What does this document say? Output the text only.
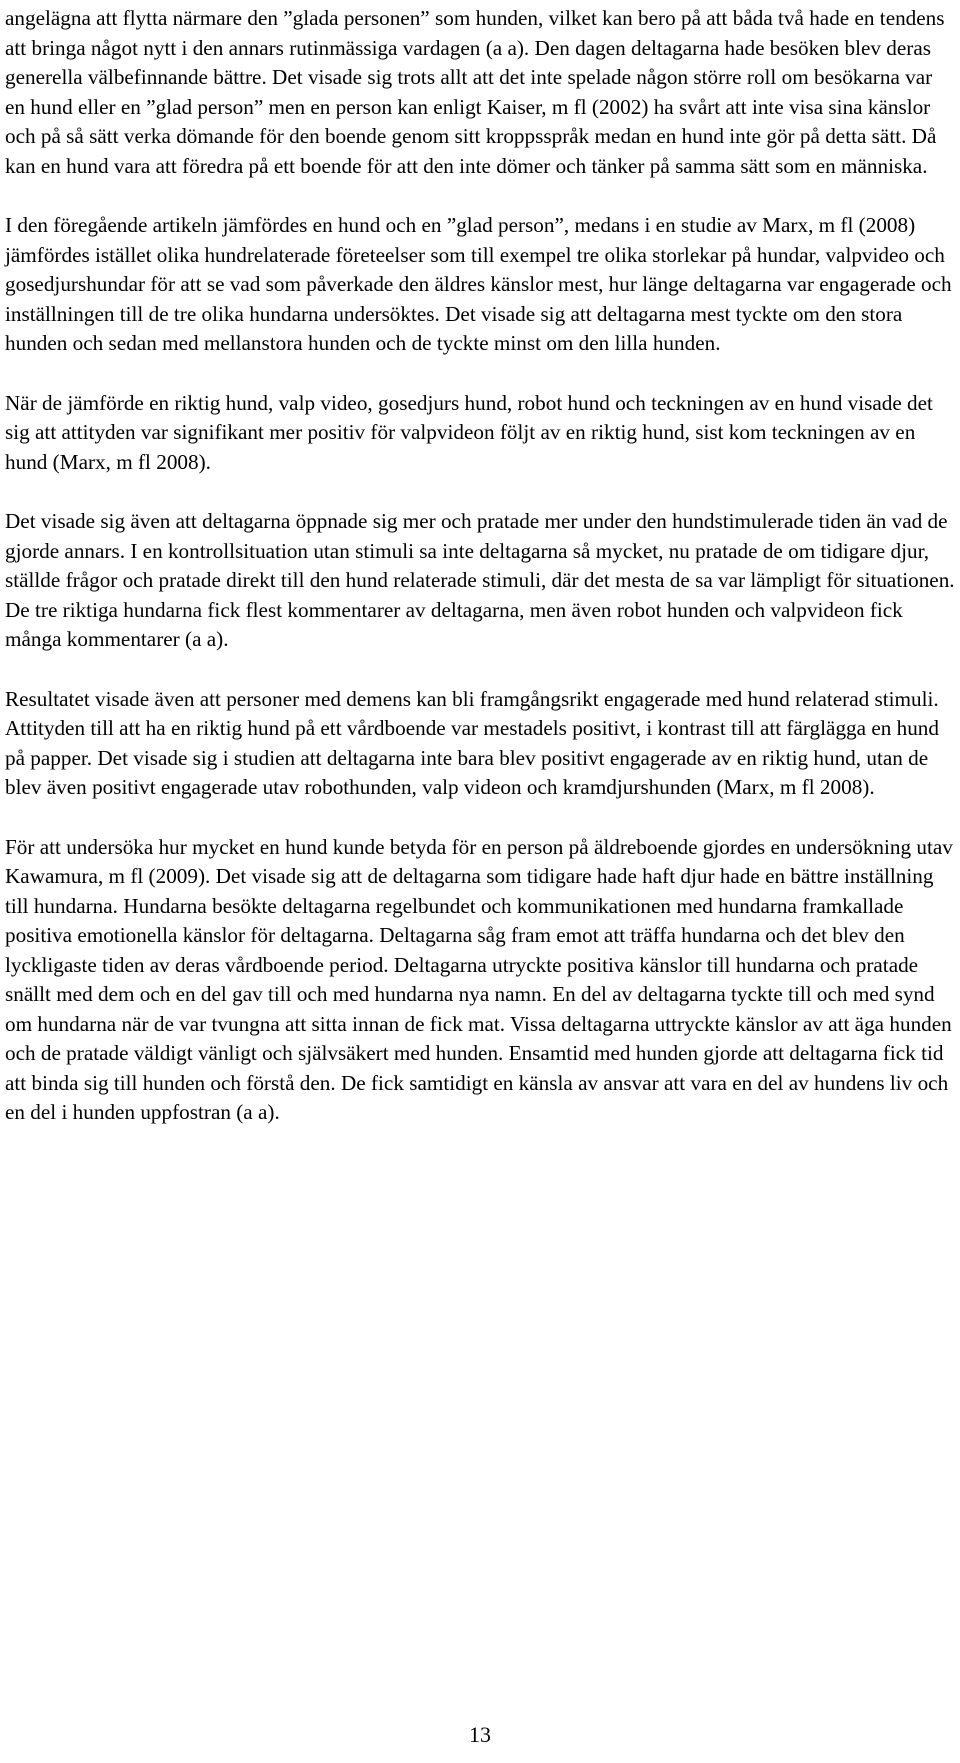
angelägna att flytta närmare den ”glada personen” som hunden, vilket kan bero på att båda två hade en tendens att bringa något nytt i den annars rutinmässiga vardagen (a a). Den dagen deltagarna hade besöken blev deras generella välbefinnande bättre. Det visade sig trots allt att det inte spelade någon större roll om besökarna var en hund eller en ”glad person” men en person kan enligt Kaiser, m fl (2002) ha svårt att inte visa sina känslor och på så sätt verka dömande för den boende genom sitt kroppsspråk medan en hund inte gör på detta sätt. Då kan en hund vara att föredra på ett boende för att den inte dömer och tänker på samma sätt som en människa.

I den föregående artikeln jämfördes en hund och en ”glad person”, medans i en studie av Marx, m fl (2008) jämfördes istället olika hundrelaterade företeelser som till exempel tre olika storlekar på hundar, valpvideo och gosedjurshundar för att se vad som påverkade den äldres känslor mest, hur länge deltagarna var engagerade och inställningen till de tre olika hundarna undersöktes. Det visade sig att deltagarna mest tyckte om den stora hunden och sedan med mellanstora hunden och de tyckte minst om den lilla hunden.

När de jämförde en riktig hund, valp video, gosedjurs hund, robot hund och teckningen av en hund visade det sig att attityden var signifikant mer positiv för valpvideon följt av en riktig hund, sist kom teckningen av en hund (Marx, m fl 2008).

Det visade sig även att deltagarna öppnade sig mer och pratade mer under den hundstimulerade tiden än vad de gjorde annars. I en kontrollsituation utan stimuli sa inte deltagarna så mycket, nu pratade de om tidigare djur, ställde frågor och pratade direkt till den hund relaterade stimuli, där det mesta de sa var lämpligt för situationen. De tre riktiga hundarna fick flest kommentarer av deltagarna, men även robot hunden och valpvideon fick många kommentarer (a a).

Resultatet visade även att personer med demens kan bli framgångsrikt engagerade med hund relaterad stimuli. Attityden till att ha en riktig hund på ett vårdboende var mestadels positivt, i kontrast till att färglägga en hund på papper. Det visade sig i studien att deltagarna inte bara blev positivt engagerade av en riktig hund, utan de blev även positivt engagerade utav robothunden, valp videon och kramdjurshunden (Marx, m fl 2008).

För att undersöka hur mycket en hund kunde betyda för en person på äldreboende gjordes en undersökning utav Kawamura, m fl (2009). Det visade sig att de deltagarna som tidigare hade haft djur hade en bättre inställning till hundarna. Hundarna besökte deltagarna regelbundet och kommunikationen med hundarna framkallade positiva emotionella känslor för deltagarna. Deltagarna såg fram emot att träffa hundarna och det blev den lyckligaste tiden av deras vårdboende period. Deltagarna utryckte positiva känslor till hundarna och pratade snällt med dem och en del gav till och med hundarna nya namn. En del av deltagarna tyckte till och med synd om hundarna när de var tvungna att sitta innan de fick mat. Vissa deltagarna uttryckte känslor av att äga hunden och de pratade väldigt vänligt och självsäkert med hunden. Ensamtid med hunden gjorde att deltagarna fick tid att binda sig till hunden och förstå den. De fick samtidigt en känsla av ansvar att vara en del av hundens liv och en del i hunden uppfostran (a a).

13
